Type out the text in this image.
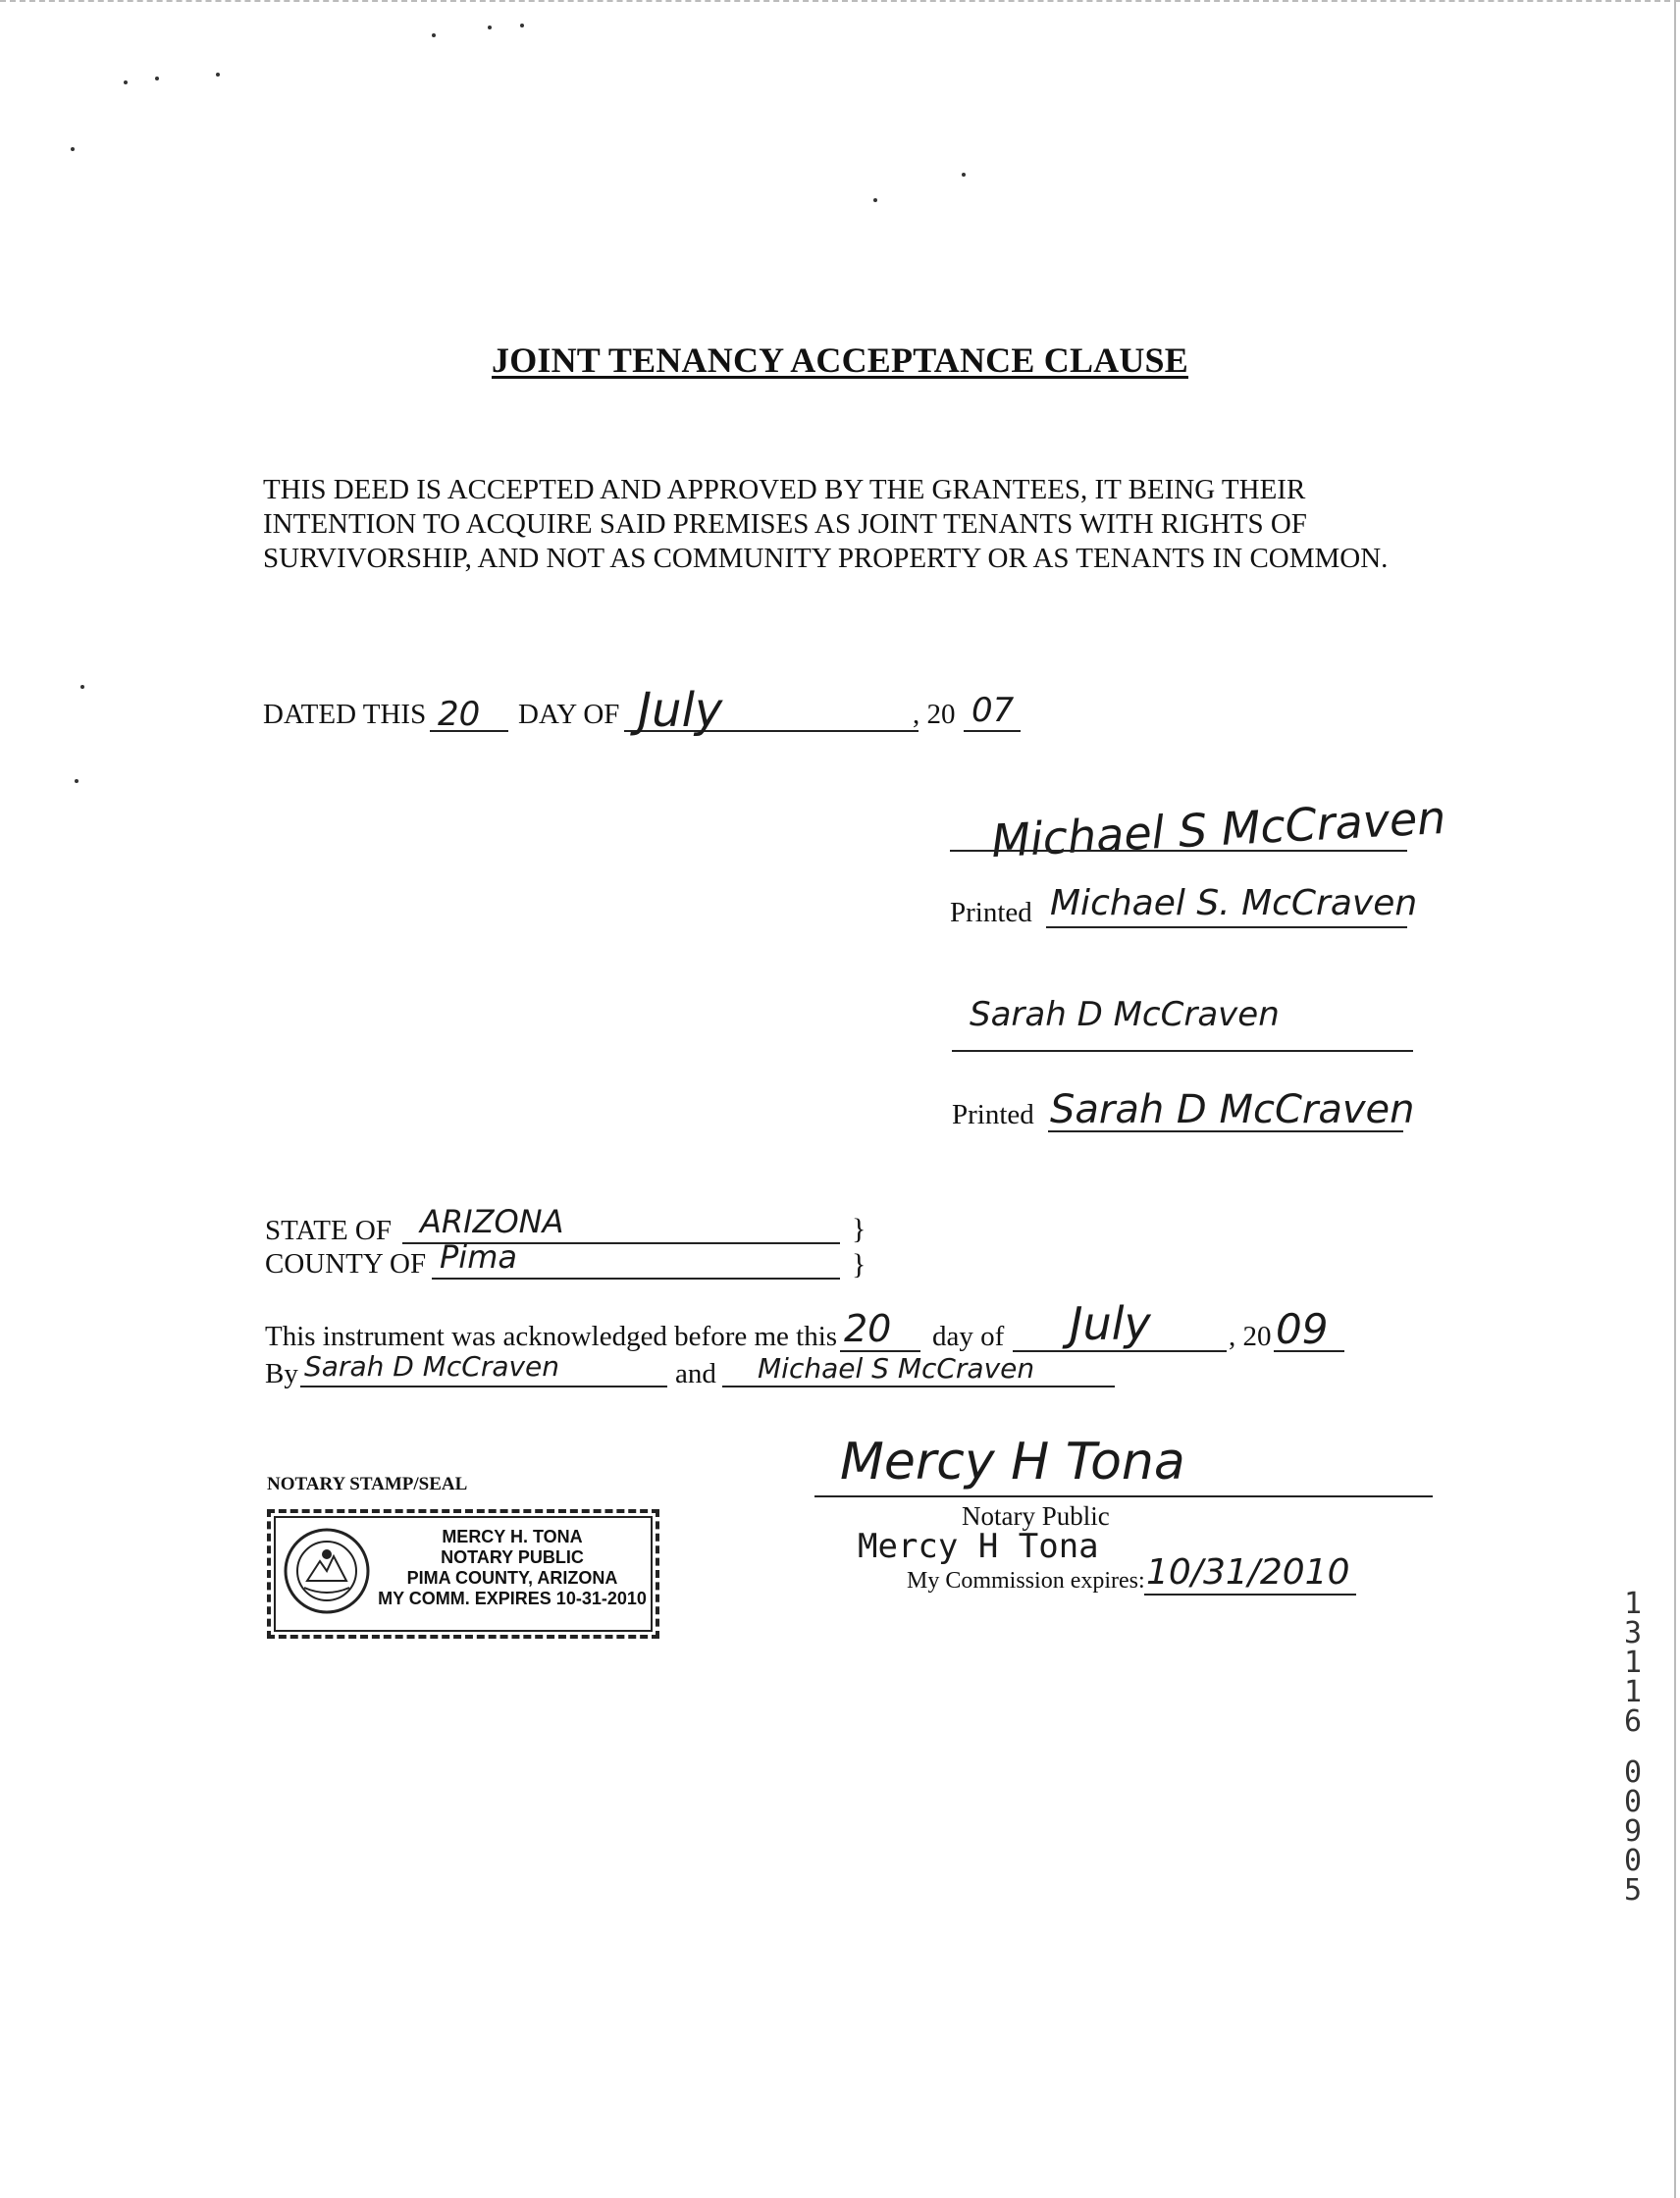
JOINT TENANCY ACCEPTANCE CLAUSE
THIS DEED IS ACCEPTED AND APPROVED BY THE GRANTEES, IT BEING THEIR
INTENTION TO ACQUIRE SAID PREMISES AS JOINT TENANTS WITH RIGHTS OF
SURVIVORSHIP, AND NOT AS COMMUNITY PROPERTY OR AS TENANTS IN COMMON.
DATED THIS 20 DAY OF July	, 20 07
Michael S McCraven
Printed Michael S. McCraven
Sarah D McCraven
Printed Sarah D McCraven
STATE OF ARIZONA	}
COUNTY OF Pima	}
This instrument was acknowledged before me this 20 day of July	, 20 09
By Sarah D McCraven	and Michael S McCraven
NOTARY STAMP/SEAL
MERCY H. TONA
NOTARY PUBLIC
PIMA COUNTY, ARIZONA
MY COMM. EXPIRES 10-31-2010
Mercy H Tona
Notary Public
Mercy H Tona
My Commission expires: 10/31/2010
1
3
1
1
6
0
0
9
0
5
